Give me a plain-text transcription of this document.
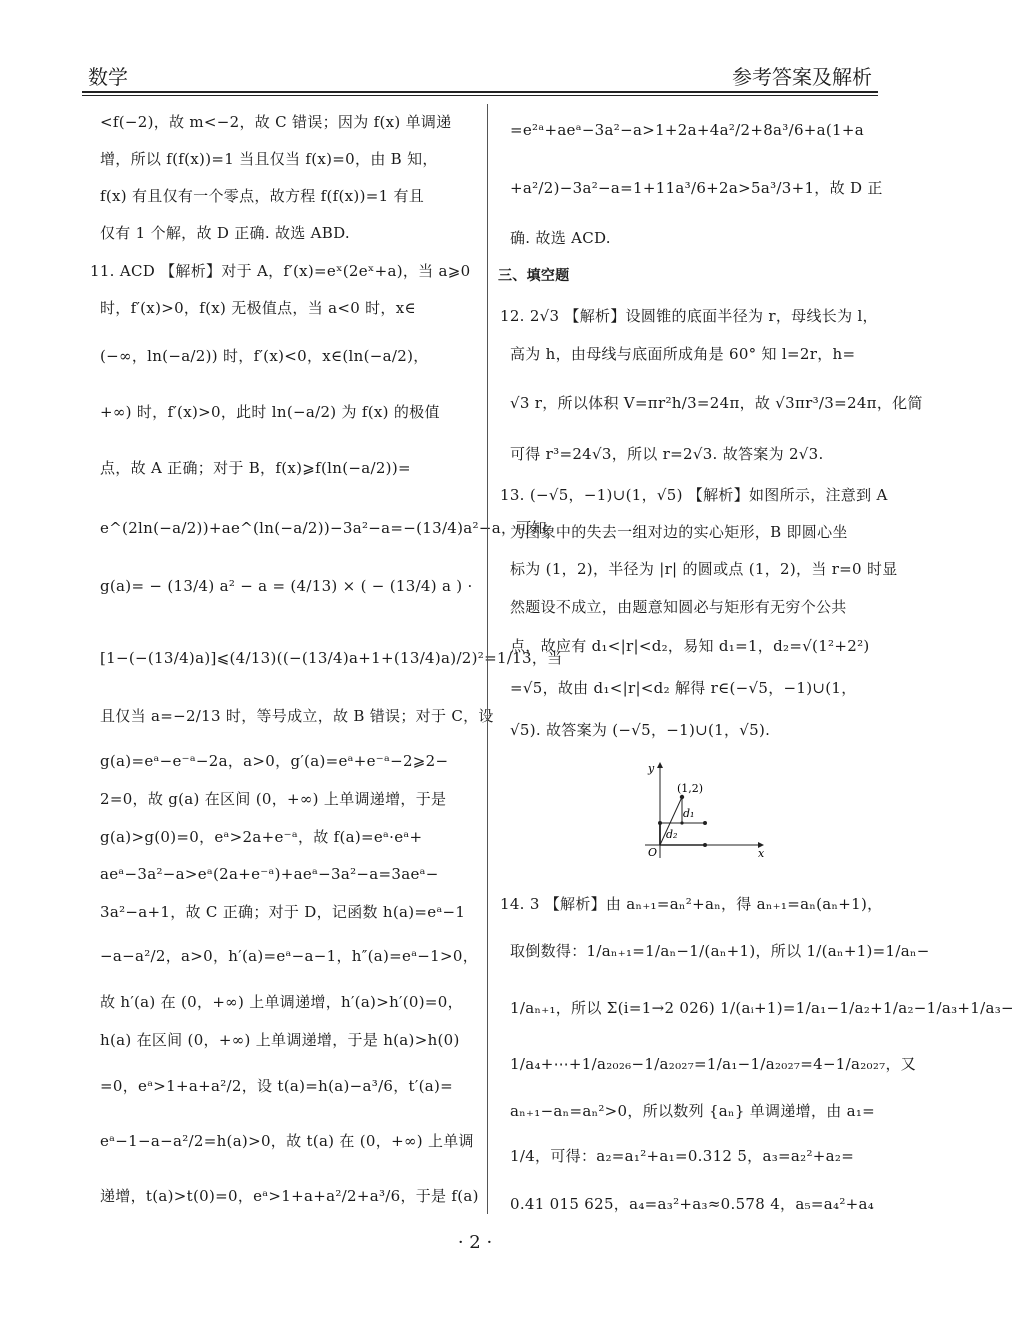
数学	参考答案及解析
<f(−2)，故 m<−2，故 C 错误；因为 f(x) 单调递
增，所以 f(f(x))=1 当且仅当 f(x)=0，由 B 知，
f(x) 有且仅有一个零点，故方程 f(f(x))=1 有且
仅有 1 个解，故 D 正确. 故选 ABD.
11. ACD 【解析】对于 A，f′(x)=eˣ(2eˣ+a)，当 a⩾0
时，f′(x)>0，f(x) 无极值点，当 a<0 时，x∈
(−∞，ln(−a/2)) 时，f′(x)<0，x∈(ln(−a/2)，
+∞) 时，f′(x)>0，此时 ln(−a/2) 为 f(x) 的极值
点，故 A 正确；对于 B，f(x)⩾f(ln(−a/2))=
e^(2ln(−a/2))+ae^(ln(−a/2))−3a²−a=−(13/4)a²−a，可知
g(a)= − (13/4) a² − a = (4/13) × ( − (13/4) a ) ·
[1−(−(13/4)a)]⩽(4/13)((−(13/4)a+1+(13/4)a)/2)²=1/13，当
且仅当 a=−2/13 时，等号成立，故 B 错误；对于 C，设
g(a)=eᵃ−e⁻ᵃ−2a，a>0，g′(a)=eᵃ+e⁻ᵃ−2⩾2−
2=0，故 g(a) 在区间 (0，+∞) 上单调递增，于是
g(a)>g(0)=0，eᵃ>2a+e⁻ᵃ，故 f(a)=eᵃ·eᵃ+
aeᵃ−3a²−a>eᵃ(2a+e⁻ᵃ)+aeᵃ−3a²−a=3aeᵃ−
3a²−a+1，故 C 正确；对于 D，记函数 h(a)=eᵃ−1
−a−a²/2，a>0，h′(a)=eᵃ−a−1，h″(a)=eᵃ−1>0，
故 h′(a) 在 (0，+∞) 上单调递增，h′(a)>h′(0)=0，
h(a) 在区间 (0，+∞) 上单调递增，于是 h(a)>h(0)
=0，eᵃ>1+a+a²/2，设 t(a)=h(a)−a³/6，t′(a)=
eᵃ−1−a−a²/2=h(a)>0，故 t(a) 在 (0，+∞) 上单调
递增，t(a)>t(0)=0，eᵃ>1+a+a²/2+a³/6，于是 f(a)
=e²ᵃ+aeᵃ−3a²−a>1+2a+4a²/2+8a³/6+a(1+a
+a²/2)−3a²−a=1+11a³/6+2a>5a³/3+1，故 D 正
确. 故选 ACD.
三、填空题
12. 2√3 【解析】设圆锥的底面半径为 r，母线长为 l，
高为 h，由母线与底面所成角是 60° 知 l=2r，h=
√3 r，所以体积 V=πr²h/3=24π，故 √3πr³/3=24π，化简
可得 r³=24√3，所以 r=2√3. 故答案为 2√3.
13. (−√5，−1)∪(1，√5) 【解析】如图所示，注意到 A
为图象中的失去一组对边的实心矩形，B 即圆心坐
标为 (1，2)，半径为 |r| 的圆或点 (1，2)，当 r=0 时显
然题设不成立，由题意知圆必与矩形有无穷个公共
点，故应有 d₁<|r|<d₂，易知 d₁=1，d₂=√(1²+2²)
=√5，故由 d₁<|r|<d₂ 解得 r∈(−√5，−1)∪(1，
√5). 故答案为 (−√5，−1)∪(1，√5).
14. 3 【解析】由 aₙ₊₁=aₙ²+aₙ，得 aₙ₊₁=aₙ(aₙ+1)，
取倒数得：1/aₙ₊₁=1/aₙ−1/(aₙ+1)，所以 1/(aₙ+1)=1/aₙ−
1/aₙ₊₁，所以 Σ(i=1→2 026) 1/(aᵢ+1)=1/a₁−1/a₂+1/a₂−1/a₃+1/a₃−
1/a₄+⋯+1/a₂₀₂₆−1/a₂₀₂₇=1/a₁−1/a₂₀₂₇=4−1/a₂₀₂₇，又
aₙ₊₁−aₙ=aₙ²>0，所以数列 {aₙ} 单调递增，由 a₁=
1/4，可得：a₂=a₁²+a₁=0.312 5，a₃=a₂²+a₂=
0.41 015 625，a₄=a₃²+a₃≈0.578 4，a₅=a₄²+a₄
y
x
O
(1,2)
d₁
d₂
· 2 ·
